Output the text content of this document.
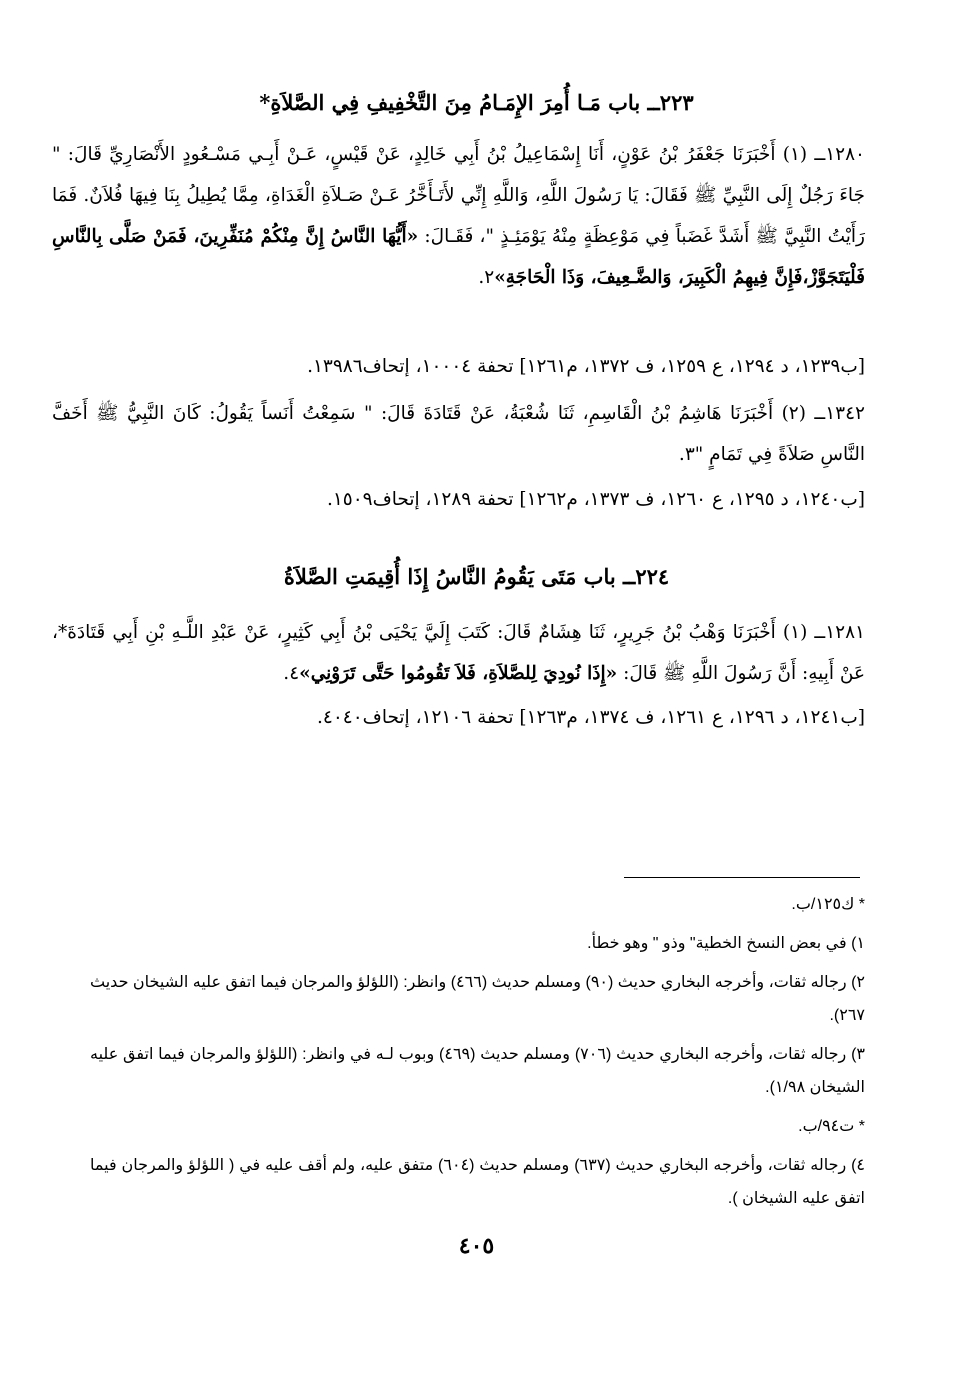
٢٢٣ــ باب مَـا أُمِرَ الإِمَـامُ مِنَ التَّخْفِيفِ فِي الصَّلاَةِ*
١٢٨٠ــ (١) أَخْبَرَنَا جَعْفَرُ بْنُ عَوْنٍ، أَنَا إِسْمَاعِيلُ بْنُ أَبِي خَالِدٍ، عَنْ قَيْسٍ، عَـنْ أَبِـي مَسْـعُودٍ الأَنْصَارِيِّ قَالَ: " جَاءَ رَجُلٌ إِلَى النَّبِيِّ ﷺ فَقَالَ: يَا رَسُولَ اللَّهِ، وَاللَّهِ إِنِّي لأَتَـأَخَّرُ عَـنْ صَـلاَةِ الْغَدَاةِ، مِمَّا يُطِيلُ بِنَا فِيهَا فُلاَنٌ. فَمَا رَأَيْتُ النَّبِيَّ ﷺ أَشَدَّ غَضَباً فِي مَوْعِظَةٍ مِنْهُ يَوْمَئِـذٍ "، فَقَـالَ: «أَيُّهَا النَّاسُ إِنَّ مِنْكُمْ مُنَفِّرِينَ، فَمَنْ صَلَّى بِالنَّاسِ فَلْيَتَجَوَّزْ،فَإِنَّ فِيهِمُ الْكَبِيرَ، وَالضَّـعِيفَ، وَذَا الْحَاجَةِ»٢.
[ب١٢٣٩، د ١٢٩٤، ع ١٢٥٩، ف ١٣٧٢، م١٢٦١] تحفة ١٠٠٠٤، إتحاف١٣٩٨٦.
١٣٤٢ــ (٢) أَخْبَرَنَا هَاشِمُ بْنُ الْقَاسِمِ، ثَنَا شُعْبَةُ، عَنْ قَتَادَةَ قَالَ: " سَمِعْتُ أَنَساً يَقُولُ: كَانَ النَّبِيُّ ﷺ أَخَفَّ النَّاسِ صَلاَةً فِي تَمَامٍ "٣.
[ب١٢٤٠، د ١٢٩٥، ع ١٢٦٠، ف ١٣٧٣، م١٢٦٢] تحفة ١٢٨٩، إتحاف١٥٠٩.
٢٢٤ــ باب مَتَى يَقُومُ النَّاسُ إِذَا أُقِيمَتِ الصَّلاَةُ
١٢٨١ــ (١) أَخْبَرَنَا وَهْبُ بْنُ جَرِيرٍ، ثَنَا هِشَامٌ قَالَ: كَتَبَ إِلَيَّ يَحْيَى بْنُ أَبِي كَثِيرٍ، عَنْ عَبْدِ اللَّـهِ بْنِ أَبِي قَتَادَةَ*، عَنْ أَبِيهِ: أَنَّ رَسُولَ اللَّهِ ﷺ قَالَ: «إِذَا نُودِيَ لِلصَّلاَةِ، فَلاَ تَقُومُوا حَتَّى تَرَوْنِي»٤.
[ب١٢٤١، د ١٢٩٦، ع ١٢٦١، ف ١٣٧٤، م١٢٦٣] تحفة ١٢١٠٦، إتحاف٤٠٤٠.
* ك١٢٥/ب.
١) في بعض النسخ الخطية" وذو " وهو خطأ.
٢) رجاله ثقات، وأخرجه البخاري حديث (٩٠) ومسلم حديث (٤٦٦) وانظر: (اللؤلؤ والمرجان فيما اتفق عليه الشيخان حديث ٢٦٧).
٣) رجاله ثقات، وأخرجه البخاري حديث (٧٠٦) ومسلم حديث (٤٦٩) وبوب لـه في وانظر: (اللؤلؤ والمرجان فيما اتفق عليه الشيخان ١/٩٨).
* ت٩٤/ب.
٤) رجاله ثقات، وأخرجه البخاري حديث (٦٣٧) ومسلم حديث (٦٠٤) متفق عليه، ولم أقف عليه في ( اللؤلؤ والمرجان فيما اتفق عليه الشيخان ).
٤٠٥
